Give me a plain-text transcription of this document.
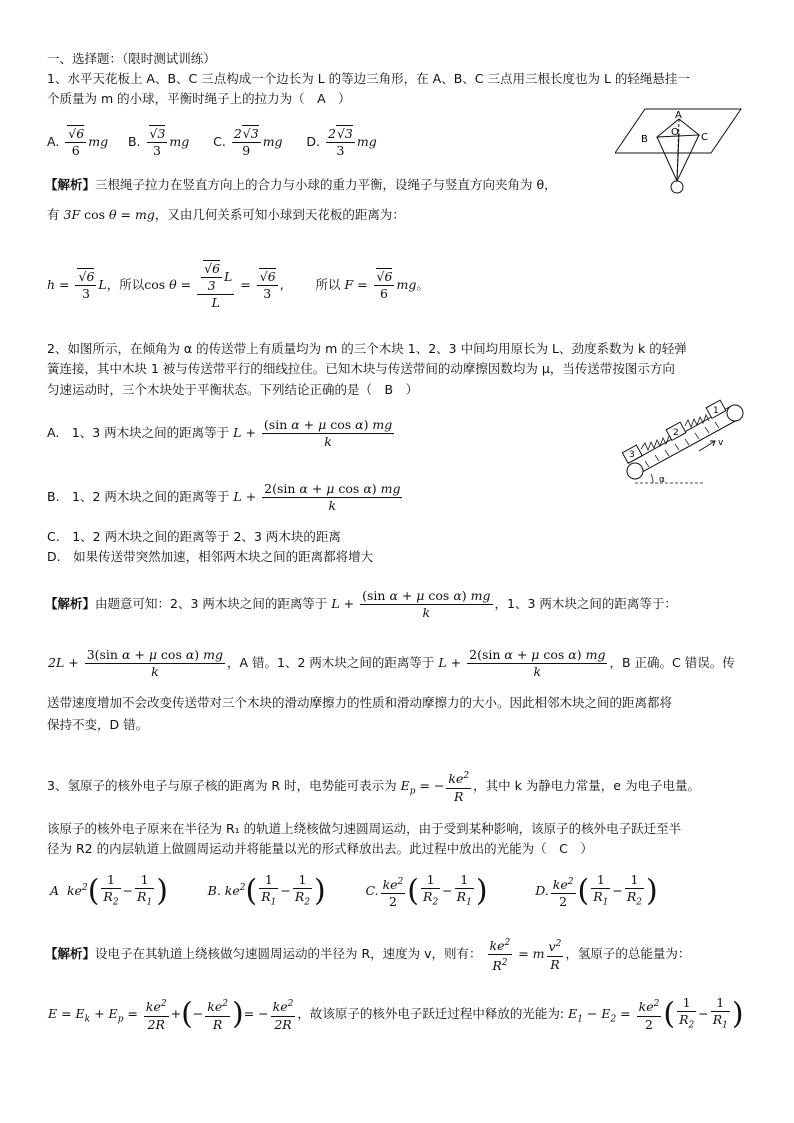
一、选择题：（限时测试训练）
1、水平天花板上 A、B、C 三点构成一个边长为 L 的等边三角形，在 A、B、C 三点用三根长度也为 L 的轻绳悬挂一
个质量为 m 的小球，平衡时绳子上的拉力为（　A　）
A. √ $\frac{6}{6}$ mg B. √ $\frac{3}{3}$ mg C. $\frac{2 √ 3}{9}$ mg D. $\frac{2 √ 3}{3}$ mg
A
B
O C
【解析】三根绳子拉力在竖直方向上的合力与小球的重力平衡，设绳子与竖直方向夹角为 θ，
有 3F cos θ = mg，又由几何关系可知小球到天花板的距离为：
h = √ $\frac{6}{3}$ L，所以cos θ = √ $\frac{\frac{6}{3} L}{L}$ = √ $\frac{6}{3}$ ,        所以 F = √ $\frac{6}{6}$ mg。
2、如图所示，在倾角为 α 的传送带上有质量均为 m 的三个木块 1、2、3 中间均用原长为 L、劲度系数为 k 的轻弹
簧连接，其中木块 1 被与传送带平行的细线拉住。已知木块与传送带间的动摩擦因数均为 μ，当传送带按图示方向
匀速运动时，三个木块处于平衡状态。下列结论正确的是（　B　）
A.　1、3 两木块之间的距离等于 $L + \frac{\text{(sin α + μ cos α) mg}}{k}$
B.　1、2 两木块之间的距离等于 $L + \frac{\text{2(sin α + μ cos α) mg}}{k}$
C.　1、2 两木块之间的距离等于 2、3 两木块的距离
D.　如果传送带突然加速，相邻两木块之间的距离都将增大
3
2
1
v
α
【解析】由题意可知：2、3 两木块之间的距离等于 $L + \frac{\text{(sin α + μ cos α) mg}}{k}$ ，1、3 两木块之间的距离等于：
$2L + \frac{\text{3(sin α + μ cos α) mg}}{k}$ ，A 错。1、2 两木块之间的距离等于 $L + \frac{\text{2(sin α + μ cos α) mg}}{k}$ ，B 正确。C 错误。传
送带速度增加不会改变传送带对三个木块的滑动摩擦力的性质和滑动摩擦力的大小。因此相邻木块之间的距离都将
保持不变，D 错。
3、氢原子的核外电子与原子核的距离为 R 时，电势能可表示为 $E_p$ = − $\frac{ke^2}{R}$ ，其中 k 为静电力常量，e 为电子电量。
该原子的核外电子原来在半径为 R₁ 的轨道上绕核做匀速圆周运动，由于受到某种影响，该原子的核外电子跃迁至半
径为 R2 的内层轨道上做圆周运动并将能量以光的形式释放出去。此过程中放出的光能为（　C　）
A  $ke^2( \frac{1}{R_2} - \frac{1}{R_1}$ )	B. $ke^2( \frac{1}{R_1} - \frac{1}{R_2}$ )	C. $\frac{ke^2}{2}$ ( $\frac{1}{R_2} - \frac{1}{R_1}$ )	D. $\frac{ke^2}{2}$ ( $\frac{1}{R_1} - \frac{1}{R_2}$ )
【解析】设电子在其轨道上绕核做匀速圆周运动的半径为 R，速度为 v，则有： $\frac{ke^2}{R^2} = m \frac{v^2}{R}$ ，氢原子的总能量为：
$E = E_k + E_p = \frac{ke^2}{2R}$ +(− $\frac{ke^2}{R}$ )= − $\frac{ke^2}{2R}$ ，故该原子的核外电子跃迁过程中释放的光能为: $E_1 - E_2 = \frac{ke^2}{2}$ ( $\frac{1}{R_2} - \frac{1}{R_1}$ )
